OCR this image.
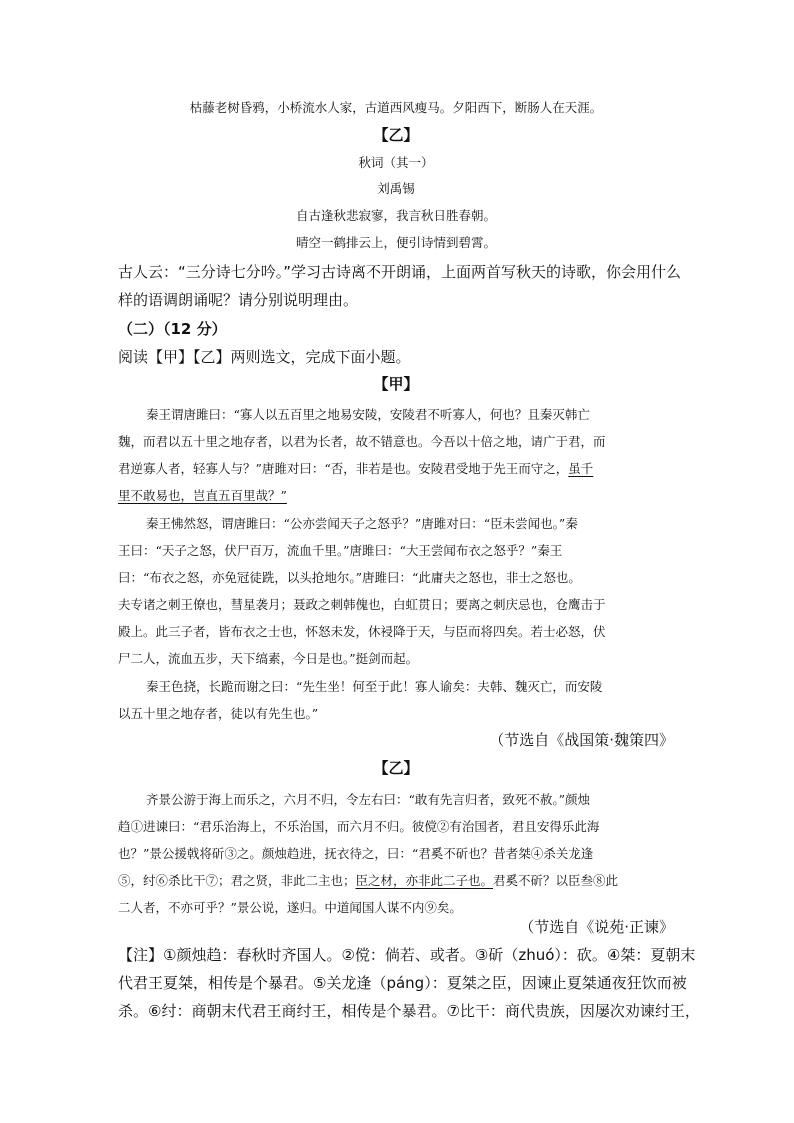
枯藤老树昏鸦，小桥流水人家，古道西风瘦马。夕阳西下，断肠人在天涯。
【乙】
秋词（其一）
刘禹锡
自古逢秋悲寂寥，我言秋日胜春朝。
晴空一鹤排云上，便引诗情到碧霄。
古人云：“三分诗七分吟。”学习古诗离不开朗诵，上面两首写秋天的诗歌，你会用什么
样的语调朗诵呢？请分别说明理由。
（二）（12 分）
阅读【甲】【乙】两则选文，完成下面小题。
【甲】
秦王谓唐雎曰：“寡人以五百里之地易安陵，安陵君不听寡人，何也？且秦灭韩亡
魏，而君以五十里之地存者，以君为长者，故不错意也。今吾以十倍之地，请广于君，而
君逆寡人者，轻寡人与？”唐雎对曰：“否，非若是也。安陵君受地于先王而守之，虽千
里不敢易也，岂直五百里哉？”
秦王怫然怒，谓唐雎曰：“公亦尝闻天子之怒乎？”唐雎对曰：“臣未尝闻也。”秦
王曰：“天子之怒，伏尸百万，流血千里。”唐雎曰：“大王尝闻布衣之怒乎？”秦王
曰：“布衣之怒，亦免冠徒跣，以头抢地尔。”唐雎曰：“此庸夫之怒也，非士之怒也。
夫专诸之刺王僚也，彗星袭月；聂政之刺韩傀也，白虹贯日；要离之刺庆忌也，仓鹰击于
殿上。此三子者，皆布衣之士也，怀怒未发，休祲降于天，与臣而将四矣。若士必怒，伏
尸二人，流血五步，天下缟素，今日是也。”挺剑而起。
秦王色挠，长跪而谢之曰：“先生坐！何至于此！寡人谕矣：夫韩、魏灭亡，而安陵
以五十里之地存者，徒以有先生也。”
（节选自《战国策·魏策四》
【乙】
齐景公游于海上而乐之，六月不归，令左右曰：“敢有先言归者，致死不赦。”颜烛
趋①进谏曰：“君乐治海上，不乐治国，而六月不归。彼傥②有治国者，君且安得乐此海
也？”景公援戟将斫③之。颜烛趋进，抚衣待之，曰：“君奚不斫也？昔者桀④杀关龙逢
⑤，纣⑥杀比干⑦；君之贤，非此二主也；臣之材，亦非此二子也。君奚不斫？以臣叁⑧此
二人者，不亦可乎？”景公说，遂归。中道闻国人谋不内⑨矣。
（节选自《说苑·正谏》
【注】①颜烛趋：春秋时齐国人。②傥：倘若、或者。③斫（zhuó）：砍。④桀：夏朝末
代君王夏桀，相传是个暴君。⑤关龙逢（páng）：夏桀之臣，因谏止夏桀通夜狂饮而被
杀。⑥纣：商朝末代君王商纣王，相传是个暴君。⑦比干：商代贵族，因屡次劝谏纣王，
